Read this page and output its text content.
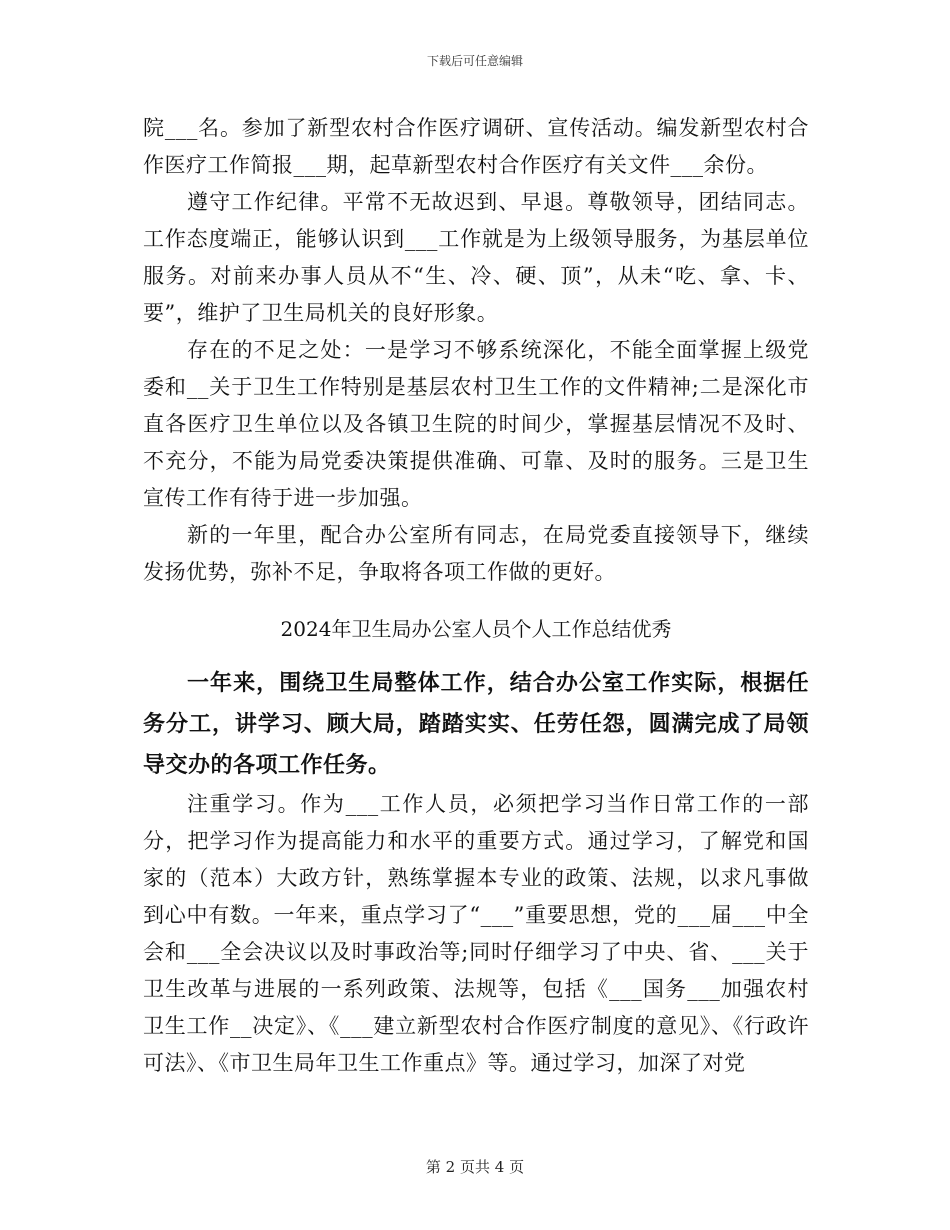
下载后可任意编辑

院___名。参加了新型农村合作医疗调研、宣传活动。编发新型农村合作医疗工作简报___期，起草新型农村合作医疗有关文件___余份。

遵守工作纪律。平常不无故迟到、早退。尊敬领导，团结同志。工作态度端正，能够认识到___工作就是为上级领导服务，为基层单位服务。对前来办事人员从不“生、冷、硬、顶”，从未“吃、拿、卡、要”，维护了卫生局机关的良好形象。

存在的不足之处：一是学习不够系统深化，不能全面掌握上级党委和__关于卫生工作特别是基层农村卫生工作的文件精神;二是深化市直各医疗卫生单位以及各镇卫生院的时间少，掌握基层情况不及时、不充分，不能为局党委决策提供准确、可靠、及时的服务。三是卫生宣传工作有待于进一步加强。

新的一年里，配合办公室所有同志，在局党委直接领导下，继续发扬优势，弥补不足，争取将各项工作做的更好。

2024年卫生局办公室人员个人工作总结优秀

一年来，围绕卫生局整体工作，结合办公室工作实际，根据任务分工，讲学习、顾大局，踏踏实实、任劳任怨，圆满完成了局领导交办的各项工作任务。

注重学习。作为___工作人员，必须把学习当作日常工作的一部分，把学习作为提高能力和水平的重要方式。通过学习，了解党和国家的（范本）大政方针，熟练掌握本专业的政策、法规，以求凡事做到心中有数。一年来，重点学习了“___”重要思想，党的___届___中全会和___全会决议以及时事政治等;同时仔细学习了中央、省、___关于卫生改革与进展的一系列政策、法规等，包括《___国务___加强农村卫生工作__决定》、《___建立新型农村合作医疗制度的意见》、《行政许可法》、《市卫生局年卫生工作重点》等。通过学习，加深了对党

第 2 页共 4 页
